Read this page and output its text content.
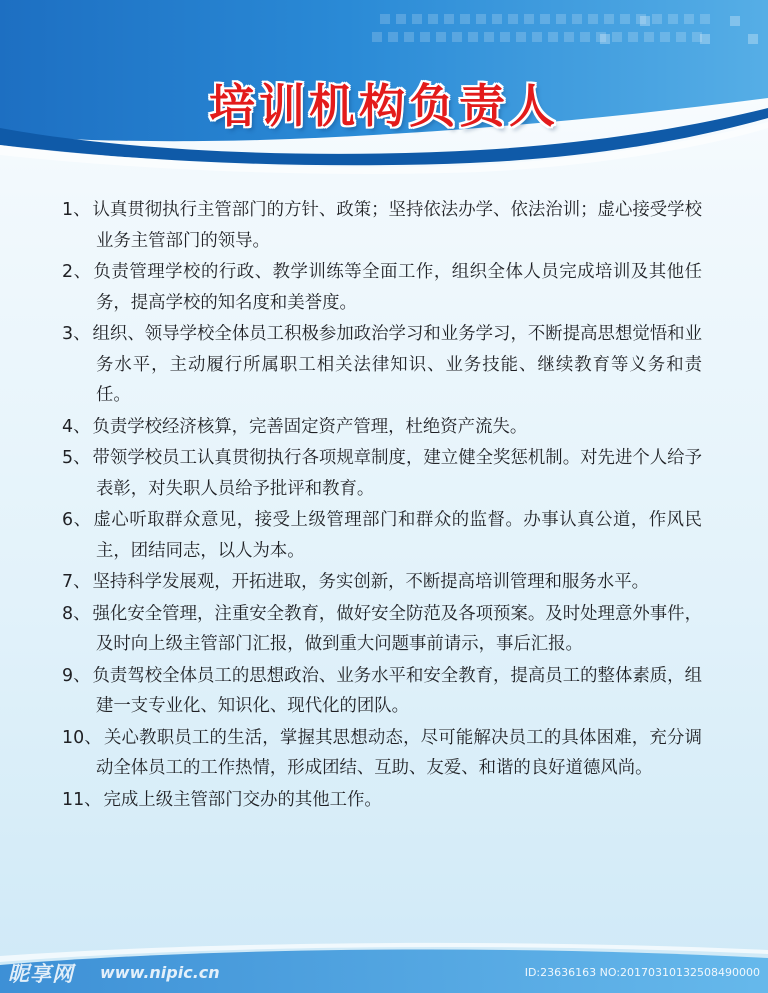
培训机构负责人
1、 认真贯彻执行主管部门的方针、政策；坚持依法办学、依法治训；虚心接受学校业务主管部门的领导。
2、 负责管理学校的行政、教学训练等全面工作，组织全体人员完成培训及其他任务，提高学校的知名度和美誉度。
3、 组织、领导学校全体员工积极参加政治学习和业务学习，不断提高思想觉悟和业务水平，主动履行所属职工相关法律知识、业务技能、继续教育等义务和责任。
4、 负责学校经济核算，完善固定资产管理，杜绝资产流失。
5、 带领学校员工认真贯彻执行各项规章制度，建立健全奖惩机制。对先进个人给予表彰，对失职人员给予批评和教育。
6、 虚心听取群众意见，接受上级管理部门和群众的监督。办事认真公道，作风民主，团结同志，以人为本。
7、 坚持科学发展观，开拓进取，务实创新，不断提高培训管理和服务水平。
8、 强化安全管理，注重安全教育，做好安全防范及各项预案。及时处理意外事件，及时向上级主管部门汇报，做到重大问题事前请示，事后汇报。
9、 负责驾校全体员工的思想政治、业务水平和安全教育，提高员工的整体素质，组建一支专业化、知识化、现代化的团队。
10、 关心教职员工的生活，掌握其思想动态，尽可能解决员工的具体困难，充分调动全体员工的工作热情，形成团结、互助、友爱、和谐的良好道德风尚。
11、 完成上级主管部门交办的其他工作。
昵享网 www.nipic.cn	ID:23636163 NO:20170310132508490000
